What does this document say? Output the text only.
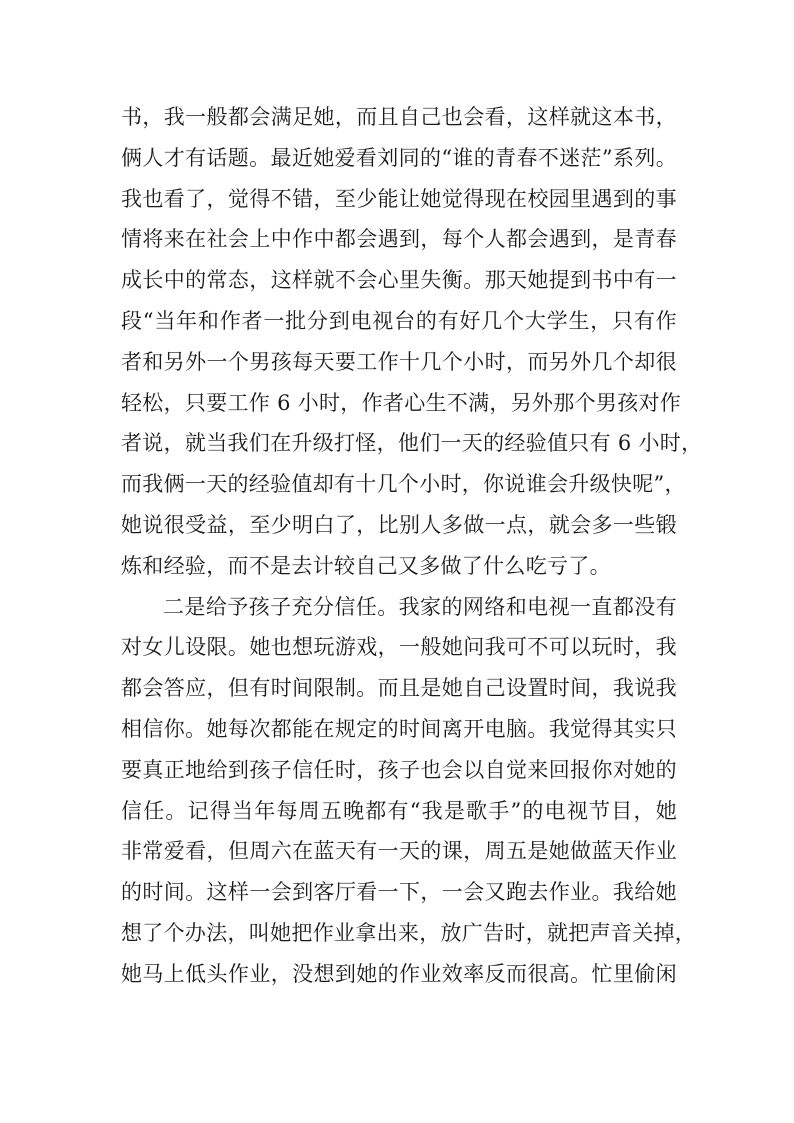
书，我一般都会满足她，而且自己也会看，这样就这本书，
俩人才有话题。最近她爱看刘同的“谁的青春不迷茫”系列。
我也看了，觉得不错，至少能让她觉得现在校园里遇到的事
情将来在社会上中作中都会遇到，每个人都会遇到，是青春
成长中的常态，这样就不会心里失衡。那天她提到书中有一
段“当年和作者一批分到电视台的有好几个大学生，只有作
者和另外一个男孩每天要工作十几个小时，而另外几个却很
轻松，只要工作 6 小时，作者心生不满，另外那个男孩对作
者说，就当我们在升级打怪，他们一天的经验值只有 6 小时，
而我俩一天的经验值却有十几个小时，你说谁会升级快呢”，
她说很受益，至少明白了，比别人多做一点，就会多一些锻
炼和经验，而不是去计较自己又多做了什么吃亏了。
二是给予孩子充分信任。我家的网络和电视一直都没有
对女儿设限。她也想玩游戏，一般她问我可不可以玩时，我
都会答应，但有时间限制。而且是她自己设置时间，我说我
相信你。她每次都能在规定的时间离开电脑。我觉得其实只
要真正地给到孩子信任时，孩子也会以自觉来回报你对她的
信任。记得当年每周五晚都有“我是歌手”的电视节目，她
非常爱看，但周六在蓝天有一天的课，周五是她做蓝天作业
的时间。这样一会到客厅看一下，一会又跑去作业。我给她
想了个办法，叫她把作业拿出来，放广告时，就把声音关掉，
她马上低头作业，没想到她的作业效率反而很高。忙里偷闲
